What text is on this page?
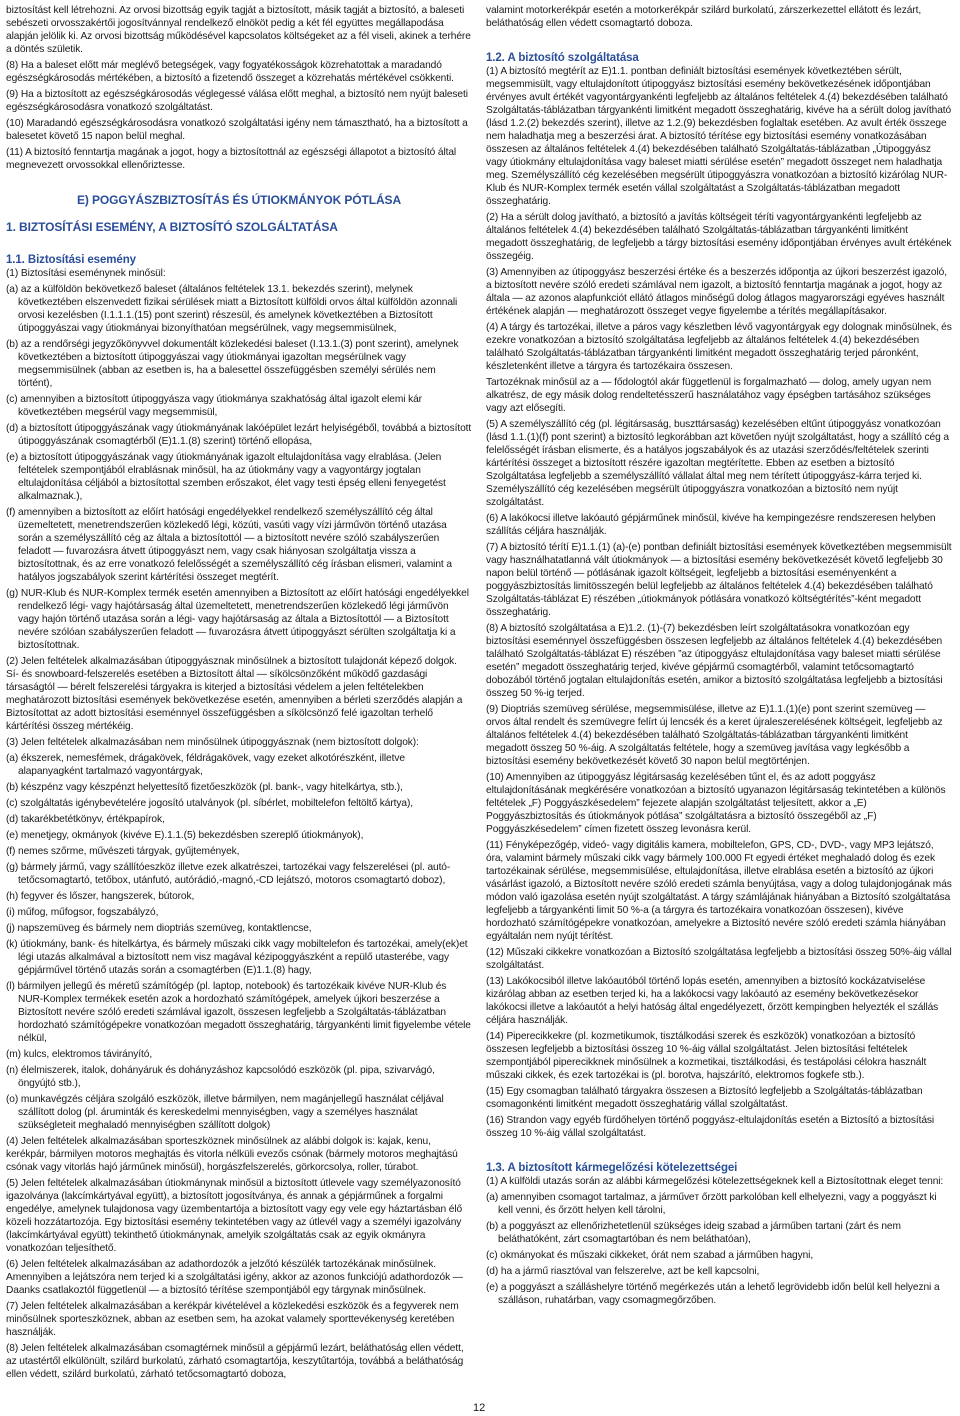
biztosítást kell létrehozni. Az orvosi bizottság egyik tagját a biztosított, másik tagját a biztosító, a baleseti sebészeti orvosszakértői jogosítvánnyal rendelkező elnököt pedig a két fél együttes megállapodása alapján jelölik ki. Az orvosi bizottság működésével kapcsolatos költségeket az a fél viseli, akinek a terhére a döntés születik.

(8) Ha a baleset előtt már meglévő betegségek, vagy fogyatékosságok közrehatottak a maradandó egészségkárosodás mértékében, a biztosító a fizetendő összeget a közrehatás mértékével csökkenti.

(9) Ha a biztosított az egészségkárosodás véglegessé válása előtt meghal, a biztosító nem nyújt baleseti egészségkárosodásra vonatkozó szolgáltatást.

(10) Maradandó egészségkárosodásra vonatkozó szolgáltatási igény nem támasztható, ha a biztosított a balesetet követő 15 napon belül meghal.

(11) A biztosító fenntartja magának a jogot, hogy a biztosítottnál az egészségi állapotot a biztosító által megnevezett orvossokkal ellenőriztesse.

E) POGGYÁSZBIZTOSÍTÁS ÉS ÚTIOKMÁNYOK PÓTLÁSA
1. BIZTOSÍTÁSI ESEMÉNY, A BIZTOSÍTÓ SZOLGÁLTATÁSA
1.1. Biztosítási esemény

(1) Biztosítási eseménynek minősül:

(a) az a külföldön bekövetkező baleset (általános feltételek 13.1. bekezdés szerint), melynek következtében elszenvedett fizikai sérülések miatt a Biztosított külföldi orvos által külföldön azonnali orvosi kezelésben (I.1.1.1.(15) pont szerint) részesül, és amelynek következtében a Biztosított útipoggyászai vagy útiokmányai bizonyíthatóan megsérülnek, vagy megsemmisülnek,

(b) az a rendőrségi jegyzőkönyvvel dokumentált közlekedési baleset (I.13.1.(3) pont szerint), amelynek következtében a biztosított útipoggyászai vagy útiokmányai igazoltan megsérülnek vagy megsemmisülnek (abban az esetben is, ha a balesettel összefüggésben személyi sérülés nem történt),

(c) amennyiben a biztosított útipoggyásza vagy útiokmánya szakhatóság által igazolt elemi kár következtében megsérül vagy megsemmisül,

(d) a biztosított útipoggyászának vagy útiokmányának lakóépület lezárt helyiségéből, továbbá a biztosított útipoggyászának csomagtérből (E)1.1.(8) szerint) történő ellopása,

(e) a biztosított útipoggyászának vagy útiokmányának igazolt eltulajdonítása vagy elrablása. (Jelen feltételek szempontjából elrablásnak minősül, ha az útiokmány vagy a vagyontárgy jogtalan eltulajdonítása céljából a biztosítottal szemben erőszakot, élet vagy testi épség elleni fenyegetést alkalmaznak.),

(f) amennyiben a biztosított az előírt hatósági engedélyekkel rendelkező személyszállító cég által üzemeltetett, menetrendszerűen közlekedő légi, közúti, vasúti vagy vízi járművön történő utazása során a személyszállító cég az általa a biztosítottól — a biztosított nevére szóló szabályszerűen feladott — fuvarozásra átvett útipoggyászt nem, vagy csak hiányosan szolgáltatja vissza a biztosítottnak, és az erre vonatkozó felelősségét a személyszállító cég írásban elismeri, valamint a hatályos jogszabályok szerint kártérítési összeget megtérít.

(g) NUR-Klub és NUR-Komplex termék esetén amennyiben a Biztosított az előírt hatósági engedélyekkel rendelkező légi- vagy hajótársaság által üzemeltetett, menetrendszerűen közlekedő légi járművön vagy hajón történő utazása során a légi- vagy hajótársaság az általa a Biztosítottól — a Biztosított nevére szólóan szabályszerűen feladott — fuvarozásra átvett útipoggyászt sérülten szolgáltatja ki a biztosítottnak.

(2) Jelen feltételek alkalmazásában útipoggyásznak minősülnek a biztosított tulajdonát képező dolgok. Sí- és snowboard-felszerelés esetében a Biztosított által — síkölcsönzőként működő gazdasági társaságtól — bérelt felszerelési tárgyakra is kiterjed a biztosítási védelem a jelen feltételekben meghatározott biztosítási események bekövetkezése esetén, amennyiben a bérleti szerződés alapján a Biztosítottat az adott biztosítási eseménnyel összefüggésben a síkölcsönző felé igazoltan terhelő kártérítési összeg mértékéig.

(3) Jelen feltételek alkalmazásában nem minősülnek útipoggyásznak (nem biztosított dolgok):

(a) ékszerek, nemesfémek, drágakövek, féldrágakövek, vagy ezeket alkotórészként, illetve alapanyagként tartalmazó vagyontárgyak,

(b) készpénz vagy készpénzt helyettesítő fizetőeszközök (pl. bank-, vagy hitelkártya, stb.),

(c) szolgáltatás igénybevételére jogosító utalványok (pl. síbérlet, mobiltelefon feltöltő kártya),

(d) takarékbetétkönyv, értékpapírok,

(e) menetjegy, okmányok (kivéve E).1.1.(5) bekezdésben szereplő útiokmányok),

(f) nemes szőrme, művészeti tárgyak, gyűjtemények,

(g) bármely jármű, vagy szállítóeszköz illetve ezek alkatrészei, tartozékai vagy felszerelései (pl. autó-tetőcsomagtartó, tetőbox, utánfutó, autórádió,-magnó,-CD lejátszó, motoros csomagtartó doboz),

(h) fegyver és lőszer, hangszerek, bútorok,

(i) műfog, műfogsor, fogszabályzó,

(j) napszemüveg és bármely nem dioptriás szemüveg, kontaktlencse,

(k) útiokmány, bank- és hitelkártya, és bármely műszaki cikk vagy mobiltelefon és tartozékai, amely(ek)et légi utazás alkalmával a biztosított nem visz magával kézipoggyászként a repülő utasterébe, vagy gépjárművel történő utazás során a csomagtérben (E)1.1.(8) hagy,

(l) bármilyen jellegű és méretű számítógép (pl. laptop, notebook) és tartozékaik kivéve NUR-Klub és NUR-Komplex termékek esetén azok a hordozható számítógépek, amelyek újkori beszerzése a Biztosított nevére szóló eredeti számlával igazolt, összesen legfeljebb a Szolgáltatás-táblázatban hordozható számítógépekre vonatkozóan megadott összeghatárig, tárgyankénti limit figyelembe vétele nélkül,

(m) kulcs, elektromos távirányító,

(n) élelmiszerek, italok, dohányáruk és dohányzáshoz kapcsolódó eszközök (pl. pipa, szivarvágó, öngyújtó stb.),

(o) munkavégzés céljára szolgáló eszközök, illetve bármilyen, nem magánjellegű használat céljával szállított dolog (pl. áruminták és kereskedelmi mennyiségben, vagy a személyes használat szükségleteit meghaladó mennyiségben szállított dolgok)

(4) Jelen feltételek alkalmazásában sporteszköznek minősülnek az alábbi dolgok is: kajak, kenu, kerékpár, bármilyen motoros meghajtás és vitorla nélküli evezős csónak (bármely motoros meghajtású csónak vagy vitorlás hajó járműnek minősül), horgászfelszerelés, görkorcsolya, roller, túrabot.

(5) Jelen feltételek alkalmazásában útiokmánynak minősül a biztosított útlevele vagy személyazonosító igazolványa (lakcímkártyával együtt), a biztosított jogosítványa, és annak a gépjárműnek a forgalmi engedélye, amelynek tulajdonosa vagy üzembentartója a biztosított vagy egy vele egy háztartásban élő közeli hozzátartozója. Egy biztosítási esemény tekintetében vagy az útlevél vagy a személyi igazolvány (lakcímkártyával együtt) tekinthető útiokmánynak, amelyik szolgáltatás csak az egyik okmányra vonatkozóan teljesíthető.

(6) Jelen feltételek alkalmazásában az adathordozók a jelzőtó készülék tartozékának minősülnek. Amennyiben a lejátszóra nem terjed ki a szolgáltatási igény, akkor az azonos funkciójú adathordozók — Daanks csatlakoztól függetlenül — a biztosító térítése szempontjából egy tárgynak minősülnek.

(7) Jelen feltételek alkalmazásában a kerékpár kivételével a közlekedési eszközök és a fegyverek nem minősülnek sporteszköznek, abban az esetben sem, ha azokat valamely sporttevékenység keretében használják.

(8) Jelen feltételek alkalmazásában csomagtérnek minősül a gépjármű lezárt, beláthatóság ellen védett, az utastértől elkülönült, szilárd burkolatú, zárható csomagtartója, keszytűtartója, továbbá a beláthatóság ellen védett, szilárd burkolatú, zárható tetőcsomagtartó doboza,

valamint motorkerékpár esetén a motorkerékpár szilárd burkolatú, zárszerkezettel ellátott és lezárt, beláthatóság ellen védett csomagtartó doboza.

1.2. A biztosító szolgáltatása

(1) A biztosító megtérít az E)1.1. pontban definiált biztosítási események következtében sérült, megsemmisült, vagy eltulajdonított útipoggyász biztosítási esemény bekövetkezésének időpontjában érvényes avult értékét vagyontárgyankénti legfeljebb az általános feltételek 4.(4) bekezdésében található Szolgáltatás-táblázatban tárgyankénti limitként megadott összeghatárig, kivéve ha a sérült dolog javítható (lásd 1.2.(2) bekezdés szerint), illetve az 1.2.(9) bekezdésben foglaltak esetében. Az avult érték összege nem haladhatja meg a beszerzési árat. A biztosító térítése egy biztosítási esemény vonatkozásában összesen az általános feltételek 4.(4) bekezdésében található Szolgáltatás-táblázatban „Útipoggyász vagy útiokmány eltulajdonítása vagy baleset miatti sérülése esetén” megadott összeget nem haladhatja meg. Személyszállító cég kezelésében megsérült útipoggyászra vonatkozóan a biztosító kizárólag NUR-Klub és NUR-Komplex termék esetén vállal szolgáltatást a Szolgáltatás-táblázatban megadott összeghatárig.

(2) Ha a sérült dolog javítható, a biztosító a javítás költségeit téríti vagyontárgyankénti legfeljebb az általános feltételek 4.(4) bekezdésében található Szolgáltatás-táblázatban tárgyankénti limitként megadott összeghatárig, de legfeljebb a tárgy biztosítási esemény időpontjában érvényes avult értékének összegéig.

(3) Amennyiben az útipoggyász beszerzési értéke és a beszerzés időpontja az újkori beszerzést igazoló, a biztosított nevére szóló eredeti számlával nem igazolt, a biztosító fenntartja magának a jogot, hogy az általa — az azonos alapfunkciót ellátó átlagos minőségű dolog átlagos magyarországi egyéves használt értékének alapján — meghatározott összeget vegye figyelembe a térítés megállapításakor.

(4) A tárgy és tartozékai, illetve a páros vagy készletben lévő vagyontárgyak egy dolognak minősülnek, és ezekre vonatkozóan a biztosító szolgáltatása legfeljebb az általános feltételek 4.(4) bekezdésében található Szolgáltatás-táblázatban tárgyankénti limitként megadott összeghatárig terjed páronként, készletenként illetve a tárgyra és tartozékaira összesen.

Tartozéknak minősül az a — fődologtól akár függetlenül is forgalmazható — dolog, amely ugyan nem alkatrész, de egy másik dolog rendeltetésszerű használatához vagy épségben tartásához szükséges vagy azt elősegíti.

(5) A személyszállító cég (pl. légitársaság, buszttársaság) kezelésében eltűnt útipoggyász vonatkozóan (lásd 1.1.(1)(f) pont szerint) a biztosító legkorábban azt követően nyújt szolgáltatást, hogy a szállító cég a felelősségét írásban elismerte, és a hatályos jogszabályok és az utazási szerződés/feltételek szerinti kártérítési összeget a biztosított részére igazoltan megtérítette. Ebben az esetben a biztosító Szolgáltatása legfeljebb a személyszállító vállalat által meg nem térített útipoggyász-kárra terjed ki. Személyszállító cég kezelésében megsérült útipoggyászra vonatkozóan a biztosító nem nyújt szolgáltatást.

(6) A lakókocsi illetve lakóautó gépjárműnek minősül, kivéve ha kempingezésre rendszeresen helyben szállítás céljára használják.

(7) A biztosító térítí E)1.1.(1) (a)-(e) pontban definiált biztosítási események következtében megsemmisült vagy használhatatlanná vált útiokmányok — a biztosítási esemény bekövetkezését követő legfeljebb 30 napon belül történő — pótlásának igazolt költségeit, legfeljebb a biztosítási eseményenként a poggyászbiztosítás limitösszegén belül legfeljebb az általános feltételek 4.(4) bekezdésében található Szolgáltatás-táblázat E) részében „útiokmányok pótlására vonatkozó költségtérítés”-ként megadott összeghatárig.

(8) A biztosító szolgáltatása a E)1.2. (1)-(7) bekezdésben leírt szolgáltatásokra vonatkozóan egy biztosítási eseménnyel összefüggésben összesen legfeljebb az általános feltételek 4.(4) bekezdésében található Szolgáltatás-táblázat E) részében ”az útipoggyász eltulajdonítása vagy baleset miatti sérülése esetén” megadott összeghatárig terjed, kivéve gépjármű csomagtérből, valamint tetőcsomagtartó dobozából történő jogtalan eltulajdonítás esetén, amikor a biztosító szolgáltatása legfeljebb a biztosítási összeg 50 %-ig terjed.

(9) Dioptriás szemüveg sérülése, megsemmisülése, illetve az E)1.1.(1)(e) pont szerint szemüveg — orvos által rendelt és szemüvegre felírt új lencsék és a keret újraleszerelésének költségeit, legfeljebb az általános feltételek 4.(4) bekezdésében található Szolgáltatás-táblázatban tárgyankénti limitként megadott összeg 50 %-áig. A szolgáltatás feltétele, hogy a szemüveg javítása vagy legkésőbb a biztosítási esemény bekövetkezését követő 30 napon belül megtörténjen.

(10) Amennyiben az útipoggyász légitársaság kezelésében tűnt el, és az adott poggyász eltulajdonításának megkérésére vonatkozóan a biztosító ugyanazon légitársaság tekintetében a különös feltételek „F) Poggyászkésedelem” fejezete alapján szolgáltatást teljesített, akkor a „E) Poggyászbiztosítás és útiokmányok pótlása” szolgáltatásra a biztosító összegéből az „F) Poggyászkésedelem” címen fizetett összeg levonásra kerül.

(11) Fényképezőgép, videó- vagy digitális kamera, mobiltelefon, GPS, CD-, DVD-, vagy MP3 lejátszó, óra, valamint bármely műszaki cikk vagy bármely 100.000 Ft egyedi értéket meghaladó dolog és ezek tartozékainak sérülése, megsemmisülése, eltulajdonítása, illetve elrablása esetén a biztosító az újkori vásárlást igazoló, a Biztosított nevére szóló eredeti számla benyújtása, vagy a dolog tulajdonjogának más módon való igazolása esetén nyújt szolgáltatást. A tárgy számlájának hiányában a Biztosító szolgáltatása legfeljebb a tárgyankénti limit 50 %-a (a tárgyra és tartozékaira vonatkozóan összesen), kivéve hordozható számítógépekre vonatkozóan, amelyekre a Biztosító nevére szóló eredeti számla hiányában egyáltalán nem nyújt térítést.

(12) Műszaki cikkekre vonatkozóan a Biztosító szolgáltatása legfeljebb a biztosítási összeg 50%-áig vállal szolgáltatást.

(13) Lakókocsiból illetve lakóautóból történő lopás esetén, amennyiben a biztosító kockázatviselése kizárólag abban az esetben terjed ki, ha a lakókocsi vagy lakóautó az esemény bekövetkezésekor lakókocsi illetve a lakóautót a helyi hatóság által engedélyezett, őrzött kempingben helyezték el szállás céljára használják.

(14) Piperecikkekre (pl. kozmetikumok, tisztálkodási szerek és eszközök) vonatkozóan a biztosító összesen legfeljebb a biztosítási összeg 10 %-áig vállal szolgáltatást. Jelen biztosítási feltételek szempontjából piperecikknek minősülnek a kozmetikai, tisztálkodási, és testápolási célokra használt műszaki cikkek, és ezek tartozékai is (pl. borotva, hajszárító, elektromos fogkefe stb.).

(15) Egy csomagban található tárgyakra összesen a Biztosító legfeljebb a Szolgáltatás-táblázatban csomagonkénti limitként megadott összeghatárig vállal szolgáltatást.

(16) Strandon vagy egyéb fürdőhelyen történő poggyász-eltulajdonítás esetén a Biztosító a biztosítási összeg 10 %-áig vállal szolgáltatást.

1.3. A biztosított kármegelőzési kötelezettségei

(1) A külföldi utazás során az alábbi kármegelőzési kötelezettségeknek kell a Biztosítottnak eleget tenni:

(a) amennyiben csomagot tartalmaz, a járműveт őrzött parkolóban kell elhelyezni, vagy a poggyászt ki kell venni, és őrzött helyen kell tárolni,

(b) a poggyászt az ellenőrizhetetlenül szükséges ideig szabad a járműben tartani (zárt és nem beláthatóként, zárt csomagtartóban és nem beláthatóan),

(c) okmányokat és műszaki cikkeket, órát nem szabad a járműben hagyni,

(d) ha a jármű riasztóval van felszerelve, azt be kell kapcsolni,

(e) a poggyászt a szálláshelyre történő megérkezés után a lehető legrövidebb időn belül kell helyezni a szálláson, ruhatárban, vagy csomagmegőrzőben.

12
